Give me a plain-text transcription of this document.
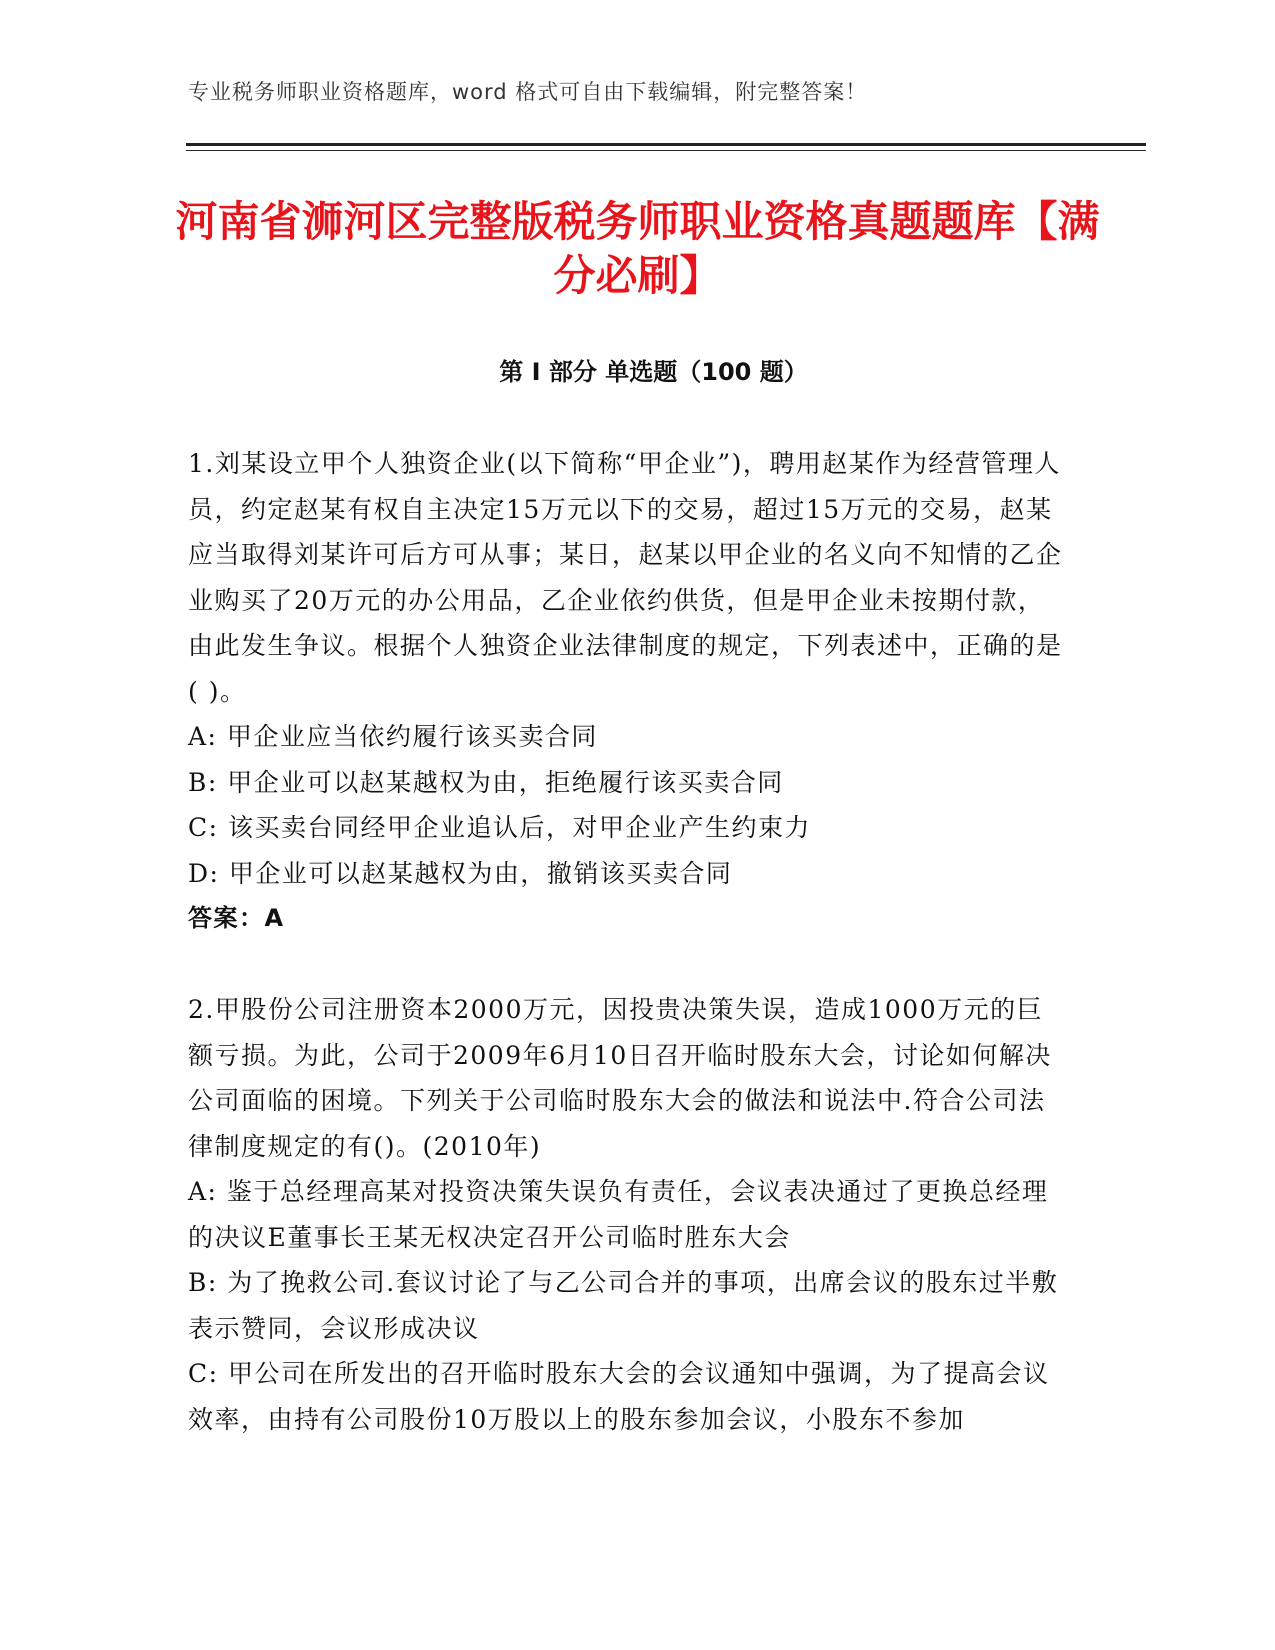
专业税务师职业资格题库，word 格式可自由下载编辑，附完整答案！
河南省浉河区完整版税务师职业资格真题题库【满分必刷】
第 I 部分 单选题（100 题）

1.刘某设立甲个人独资企业(以下简称“甲企业”)，聘用赵某作为经营管理人员，约定赵某有权自主决定15万元以下的交易，超过15万元的交易，赵某应当取得刘某许可后方可从事；某日，赵某以甲企业的名义向不知情的乙企业购买了20万元的办公用品，乙企业依约供货，但是甲企业未按期付款，由此发生争议。根据个人独资企业法律制度的规定，下列表述中，正确的是( )。

A: 甲企业应当依约履行该买卖合同

B: 甲企业可以赵某越权为由，拒绝履行该买卖合同

C: 该买卖台同经甲企业追认后，对甲企业产生约束力

D: 甲企业可以赵某越权为由，撤销该买卖合同

答案：A

2.甲股份公司注册资本2000万元，因投贵决策失误，造成1000万元的巨额亏损。为此，公司于2009年6月10日召开临时股东大会，讨论如何解决公司面临的困境。下列关于公司临时股东大会的做法和说法中.符合公司法律制度规定的有()。(2010年)

A: 鉴于总经理高某对投资决策失误负有责任，会议表决通过了更换总经理的决议E董事长王某无权决定召开公司临时胜东大会

B: 为了挽救公司.套议讨论了与乙公司合并的事项，出席会议的股东过半敷表示赞同，会议形成决议

C: 甲公司在所发出的召开临时股东大会的会议通知中强调，为了提高会议效率，由持有公司股份10万股以上的股东参加会议，小股东不参加
